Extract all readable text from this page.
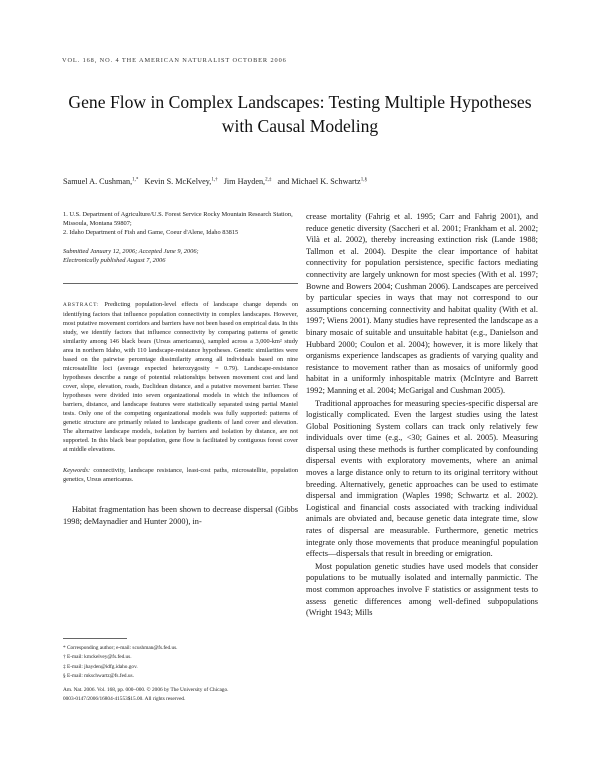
VOL. 168, NO. 4 THE AMERICAN NATURALIST OCTOBER 2006
Gene Flow in Complex Landscapes: Testing Multiple Hypotheses with Causal Modeling
Samuel A. Cushman,$^{1,*}$ Kevin S. McKelvey,$^{1,\dagger}$ Jim Hayden,$^{2,\ddagger}$ and Michael K. Schwartz$^{1,\S}$
1. U.S. Department of Agriculture/U.S. Forest Service Rocky Mountain Research Station, Missoula, Montana 59807;
2. Idaho Department of Fish and Game, Coeur d'Alene, Idaho 83815
Submitted January 12, 2006; Accepted June 9, 2006;
Electronically published August 7, 2006
ABSTRACT: Predicting population-level effects of landscape change depends on identifying factors that influence population connectivity in complex landscapes. However, most putative movement corridors and barriers have not been based on empirical data. In this study, we identify factors that influence connectivity by comparing patterns of genetic similarity among 146 black bears (Ursus americanus), sampled across a 3,000-km² study area in northern Idaho, with 110 landscape-resistance hypotheses. Genetic similarities were based on the pairwise percentage dissimilarity among all individuals based on nine microsatellite loci (average expected heterozygosity = 0.79). Landscape-resistance hypotheses describe a range of potential relationships between movement cost and land cover, slope, elevation, roads, Euclidean distance, and a putative movement barrier. These hypotheses were divided into seven organizational models in which the influences of barriers, distance, and landscape features were statistically separated using partial Mantel tests. Only one of the competing organizational models was fully supported: patterns of genetic structure are primarily related to landscape gradients of land cover and elevation. The alternative landscape models, isolation by barriers and isolation by distance, are not supported. In this black bear population, gene flow is facilitated by contiguous forest cover at middle elevations.
Keywords: connectivity, landscape resistance, least-cost paths, microsatellite, population genetics, Ursus americanus.

Habitat fragmentation has been shown to decrease dispersal (Gibbs 1998; deMaynadier and Hunter 2000), in-

* Corresponding author; e-mail: scushman@fs.fed.us.

† E-mail: kmckelvey@fs.fed.us.

‡ E-mail: jhayden@idfg.idaho.gov.

§ E-mail: mkschwartz@fs.fed.us.

Am. Nat. 2006. Vol. 168, pp. 000–000. © 2006 by The University of Chicago.

0003-0147/2006/16804-41553$15.00. All rights reserved.

crease mortality (Fahrig et al. 1995; Carr and Fahrig 2001), and reduce genetic diversity (Saccheri et al. 2001; Frankham et al. 2002; Vilà et al. 2002), thereby increasing extinction risk (Lande 1988; Tallmon et al. 2004). Despite the clear importance of habitat connectivity for population persistence, specific factors mediating connectivity are largely unknown for most species (With et al. 1997; Bowne and Bowers 2004; Cushman 2006). Landscapes are perceived by particular species in ways that may not correspond to our assumptions concerning connectivity and habitat quality (With et al. 1997; Wiens 2001). Many studies have represented the landscape as a binary mosaic of suitable and unsuitable habitat (e.g., Danielson and Hubbard 2000; Coulon et al. 2004); however, it is more likely that organisms experience landscapes as gradients of varying quality and resistance to movement rather than as mosaics of uniformly good habitat in a uniformly inhospitable matrix (McIntyre and Barrett 1992; Manning et al. 2004; McGarigal and Cushman 2005).

Traditional approaches for measuring species-specific dispersal are logistically complicated. Even the largest studies using the latest Global Positioning System collars can track only relatively few individuals over time (e.g., <30; Gaines et al. 2005). Measuring dispersal using these methods is further complicated by confounding dispersal events with exploratory movements, where an animal moves a large distance only to return to its original territory without breeding. Alternatively, genetic approaches can be used to estimate dispersal and immigration (Waples 1998; Schwartz et al. 2002). Logistical and financial costs associated with tracking individual animals are obviated and, because genetic data integrate time, slow rates of dispersal are measurable. Furthermore, genetic metrics integrate only those movements that produce meaningful population effects—dispersals that result in breeding or emigration.

Most population genetic studies have used models that consider populations to be mutually isolated and internally panmictic. The most common approaches involve F statistics or assignment tests to assess genetic differences among well-defined subpopulations (Wright 1943; Mills
